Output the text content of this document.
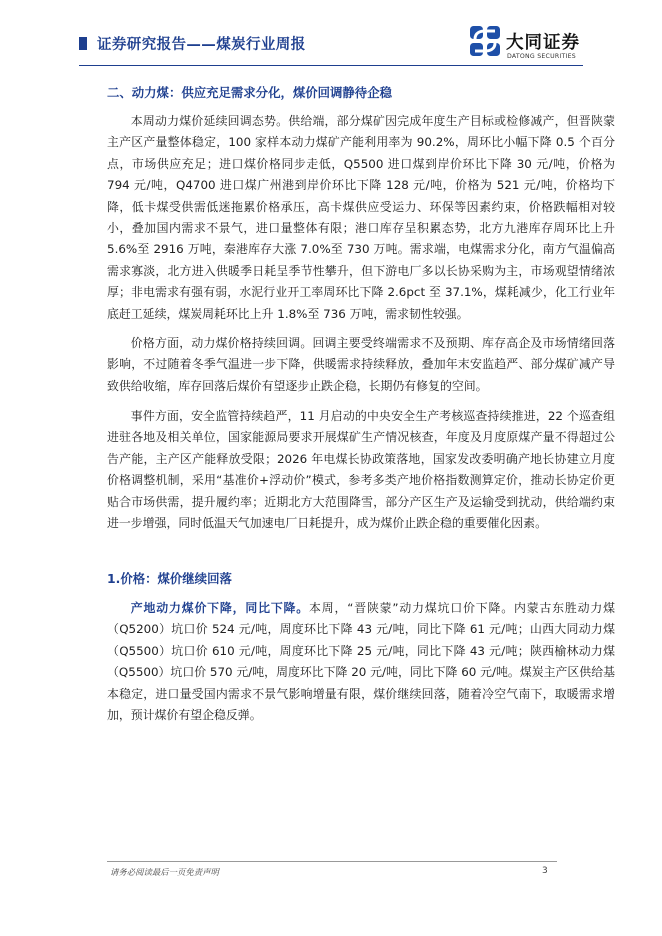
证券研究报告——煤炭行业周报	大同证券
DATONG SECURITIES
二、动力煤：供应充足需求分化，煤价回调静待企稳

本周动力煤价延续回调态势。供给端，部分煤矿因完成年度生产目标或检修减产，但晋陕蒙主产区产量整体稳定，100 家样本动力煤矿产能利用率为 90.2%，周环比小幅下降 0.5 个百分点，市场供应充足；进口煤价格同步走低，Q5500 进口煤到岸价环比下降 30 元/吨，价格为 794 元/吨，Q4700 进口煤广州港到岸价环比下降 128 元/吨，价格为 521 元/吨，价格均下降，低卡煤受供需低迷拖累价格承压，高卡煤供应受运力、环保等因素约束，价格跌幅相对较小，叠加国内需求不景气，进口量整体有限；港口库存呈积累态势，北方九港库存周环比上升 5.6%至 2916 万吨，秦港库存大涨 7.0%至 730 万吨。需求端，电煤需求分化，南方气温偏高需求寡淡，北方进入供暖季日耗呈季节性攀升，但下游电厂多以长协采购为主，市场观望情绪浓厚；非电需求有强有弱，水泥行业开工率周环比下降 2.6pct 至 37.1%，煤耗减少，化工行业年底赶工延续，煤炭周耗环比上升 1.8%至 736 万吨，需求韧性较强。

价格方面，动力煤价格持续回调。回调主要受终端需求不及预期、库存高企及市场情绪回落影响，不过随着冬季气温进一步下降，供暖需求持续释放，叠加年末安监趋严、部分煤矿减产导致供给收缩，库存回落后煤价有望逐步止跌企稳，长期仍有修复的空间。

事件方面，安全监管持续趋严，11 月启动的中央安全生产考核巡查持续推进，22 个巡查组进驻各地及相关单位，国家能源局要求开展煤矿生产情况核查，年度及月度原煤产量不得超过公告产能，主产区产能释放受限；2026 年电煤长协政策落地，国家发改委明确产地长协建立月度价格调整机制，采用“基准价+浮动价”模式，参考多类产地价格指数测算定价，推动长协定价更贴合市场供需，提升履约率；近期北方大范围降雪，部分产区生产及运输受到扰动，供给端约束进一步增强，同时低温天气加速电厂日耗提升，成为煤价止跌企稳的重要催化因素。

1.价格：煤价继续回落

产地动力煤价下降，同比下降。本周，“晋陕蒙”动力煤坑口价下降。内蒙古东胜动力煤（Q5200）坑口价 524 元/吨，周度环比下降 43 元/吨，同比下降 61 元/吨；山西大同动力煤（Q5500）坑口价 610 元/吨，周度环比下降 25 元/吨，同比下降 43 元/吨；陕西榆林动力煤（Q5500）坑口价 570 元/吨，周度环比下降 20 元/吨，同比下降 60 元/吨。煤炭主产区供给基本稳定，进口量受国内需求不景气影响增量有限，煤价继续回落，随着冷空气南下，取暖需求增加，预计煤价有望企稳反弹。

请务必阅读最后一页免责声明	3
